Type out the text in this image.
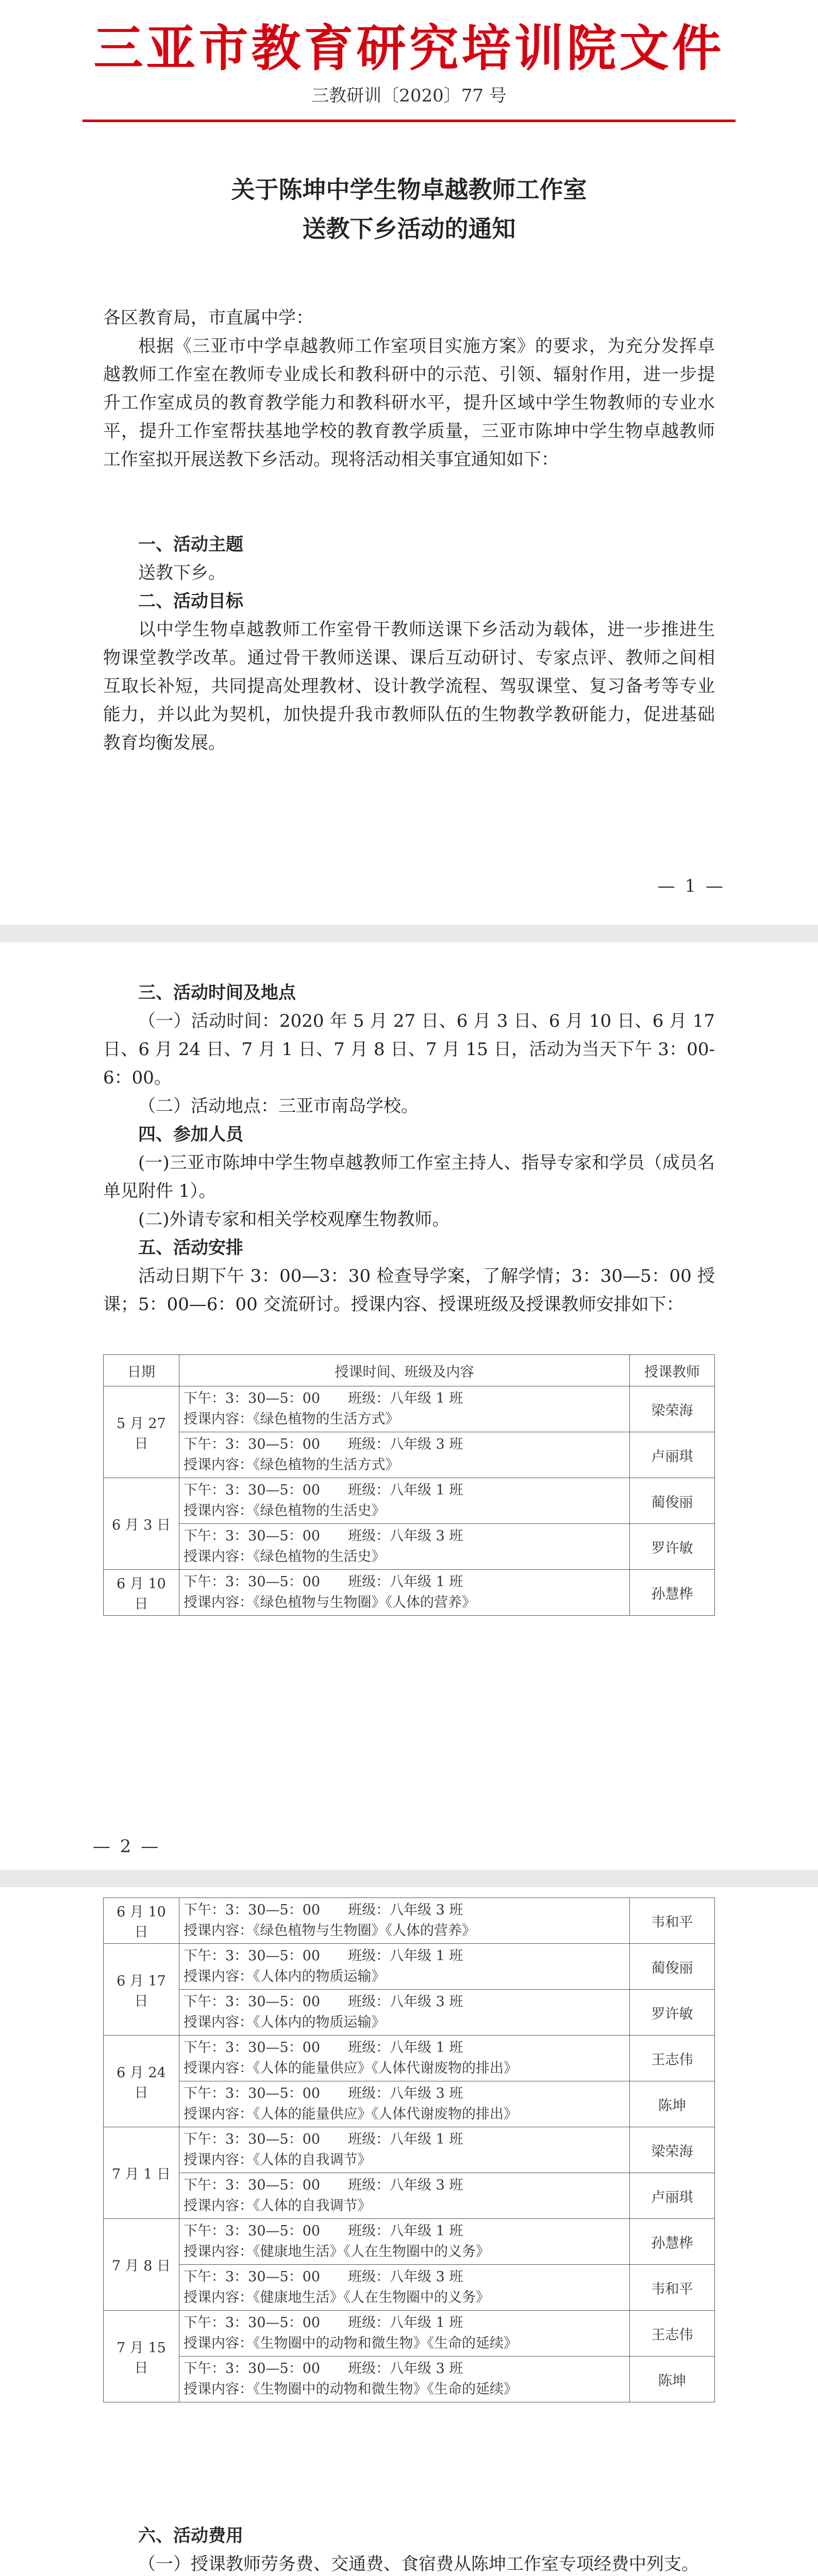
三亚市教育研究培训院文件
三教研训〔2020〕77 号
关于陈坤中学生物卓越教师工作室
送教下乡活动的通知
各区教育局，市直属中学：
根据《三亚市中学卓越教师工作室项目实施方案》的要求，为充分发挥卓越教师工作室在教师专业成长和教科研中的示范、引领、辐射作用，进一步提升工作室成员的教育教学能力和教科研水平，提升区域中学生物教师的专业水平，提升工作室帮扶基地学校的教育教学质量，三亚市陈坤中学生物卓越教师工作室拟开展送教下乡活动。现将活动相关事宜通知如下：
一、活动主题
送教下乡。
二、活动目标
以中学生物卓越教师工作室骨干教师送课下乡活动为载体，进一步推进生物课堂教学改革。通过骨干教师送课、课后互动研讨、专家点评、教师之间相互取长补短，共同提高处理教材、设计教学流程、驾驭课堂、复习备考等专业能力，并以此为契机，加快提升我市教师队伍的生物教学教研能力，促进基础教育均衡发展。
— 1 —
三、活动时间及地点
（一）活动时间：2020 年 5 月 27 日、6 月 3 日、6 月 10 日、6 月 17 日、6 月 24 日、7 月 1 日、7 月 8 日、7 月 15 日，活动为当天下午 3：00-6：00。
（二）活动地点：三亚市南岛学校。
四、参加人员
(一)三亚市陈坤中学生物卓越教师工作室主持人、指导专家和学员（成员名单见附件 1）。
(二)外请专家和相关学校观摩生物教师。
五、活动安排
活动日期下午 3：00—3：30 检查导学案，了解学情；3：30—5：00 授课；5：00—6：00 交流研讨。授课内容、授课班级及授课教师安排如下：
日期	授课时间、班级及内容	授课教师
5 月 27 日	下午：3：30—5：00　　班级：八年级 1 班
授课内容：《绿色植物的生活方式》	梁荣海

	下午：3：30—5：00　　班级：八年级 3 班
授课内容：《绿色植物的生活方式》	卢丽琪
6 月 3 日	下午：3：30—5：00　　班级：八年级 1 班
授课内容：《绿色植物的生活史》	蔺俊丽

	下午：3：30—5：00　　班级：八年级 3 班
授课内容：《绿色植物的生活史》	罗许敏
6 月 10 日	下午：3：30—5：00　　班级：八年级 1 班
授课内容：《绿色植物与生物圈》《人体的营养》	孙慧桦
— 2 —
6 月 10 日	下午：3：30—5：00　　班级：八年级 3 班
授课内容：《绿色植物与生物圈》《人体的营养》	韦和平
6 月 17 日	下午：3：30—5：00　　班级：八年级 1 班
授课内容：《人体内的物质运输》	蔺俊丽

	下午：3：30—5：00　　班级：八年级 3 班
授课内容：《人体内的物质运输》	罗许敏
6 月 24 日	下午：3：30—5：00　　班级：八年级 1 班
授课内容：《人体的能量供应》《人体代谢废物的排出》	王志伟

	下午：3：30—5：00　　班级：八年级 3 班
授课内容：《人体的能量供应》《人体代谢废物的排出》	陈坤
7 月 1 日	下午：3：30—5：00　　班级：八年级 1 班
授课内容：《人体的自我调节》	梁荣海

	下午：3：30—5：00　　班级：八年级 3 班
授课内容：《人体的自我调节》	卢丽琪
7 月 8 日	下午：3：30—5：00　　班级：八年级 1 班
授课内容：《健康地生活》《人在生物圈中的义务》	孙慧桦

	下午：3：30—5：00　　班级：八年级 3 班
授课内容：《健康地生活》《人在生物圈中的义务》	韦和平
7 月 15 日	下午：3：30—5：00　　班级：八年级 1 班
授课内容：《生物圈中的动物和微生物》《生命的延续》	王志伟

	下午：3：30—5：00　　班级：八年级 3 班
授课内容：《生物圈中的动物和微生物》《生命的延续》	陈坤
六、活动费用
（一）授课教师劳务费、交通费、食宿费从陈坤工作室专项经费中列支。
